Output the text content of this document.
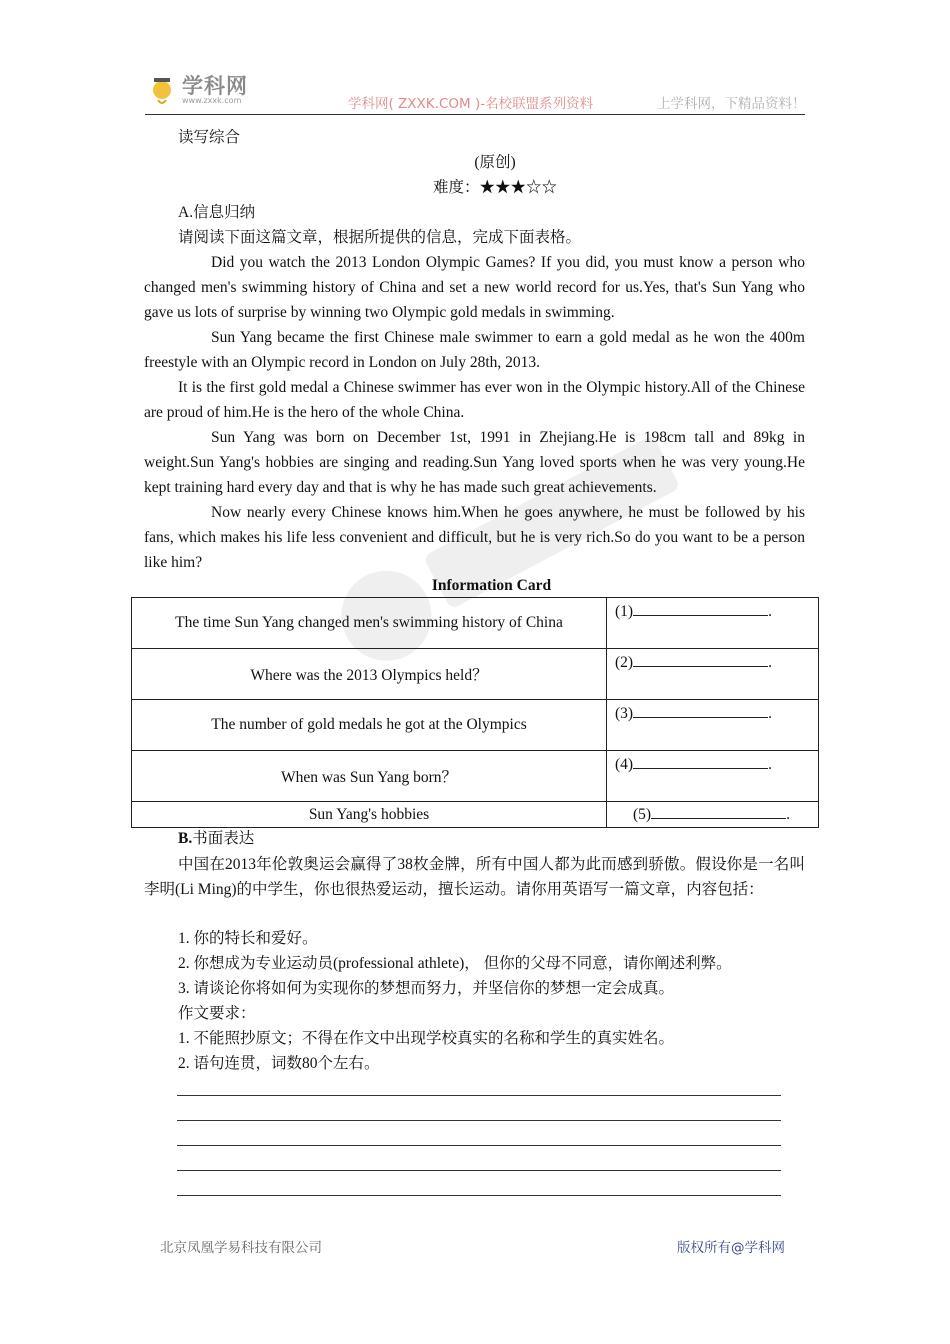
学科网
www.zxxk.com	学科网( ZXXK.COM )-名校联盟系列资料	上学科网，下精品资料！
读写综合
(原创)
难度：★★★☆☆
A.信息归纳
请阅读下面这篇文章，根据所提供的信息，完成下面表格。

Did you watch the 2013 London Olympic Games? If you did, you must know a person who changed men's swimming history of China and set a new world record for us.Yes, that's Sun Yang who gave us lots of surprise by winning two Olympic gold medals in swimming.

Sun Yang became the first Chinese male swimmer to earn a gold medal as he won the 400m freestyle with an Olympic record in London on July 28th, 2013.

It is the first gold medal a Chinese swimmer has ever won in the Olympic history.All of the Chinese are proud of him.He is the hero of the whole China.

Sun Yang was born on December 1st, 1991 in Zhejiang.He is 198cm tall and 89kg in weight.Sun Yang's hobbies are singing and reading.Sun Yang loved sports when he was very young.He kept training hard every day and that is why he has made such great achievements.

Now nearly every Chinese knows him.When he goes anywhere, he must be followed by his fans, which makes his life less convenient and difficult, but he is very rich.So do you want to be a person like him?

Information Card
The time Sun Yang changed men's swimming history of China	(1) .
Where was the 2013 Olympics held？	(2) .
The number of gold medals he got at the Olympics	(3) .
When was Sun Yang born？	(4) .
Sun Yang's hobbies	(5) .
B.书面表达
中国在2013年伦敦奥运会赢得了38枚金牌，所有中国人都为此而感到骄傲。假设你是一名叫李明(Li Ming)的中学生，你也很热爱运动，擅长运动。请你用英语写一篇文章，内容包括：
1. 你的特长和爱好。
2. 你想成为专业运动员(professional athlete)， 但你的父母不同意，请你阐述利弊。
3. 请谈论你将如何为实现你的梦想而努力，并坚信你的梦想一定会成真。
作文要求：
1. 不能照抄原文；不得在作文中出现学校真实的名称和学生的真实姓名。
2. 语句连贯，词数80个左右。
北京凤凰学易科技有限公司	版权所有@学科网
